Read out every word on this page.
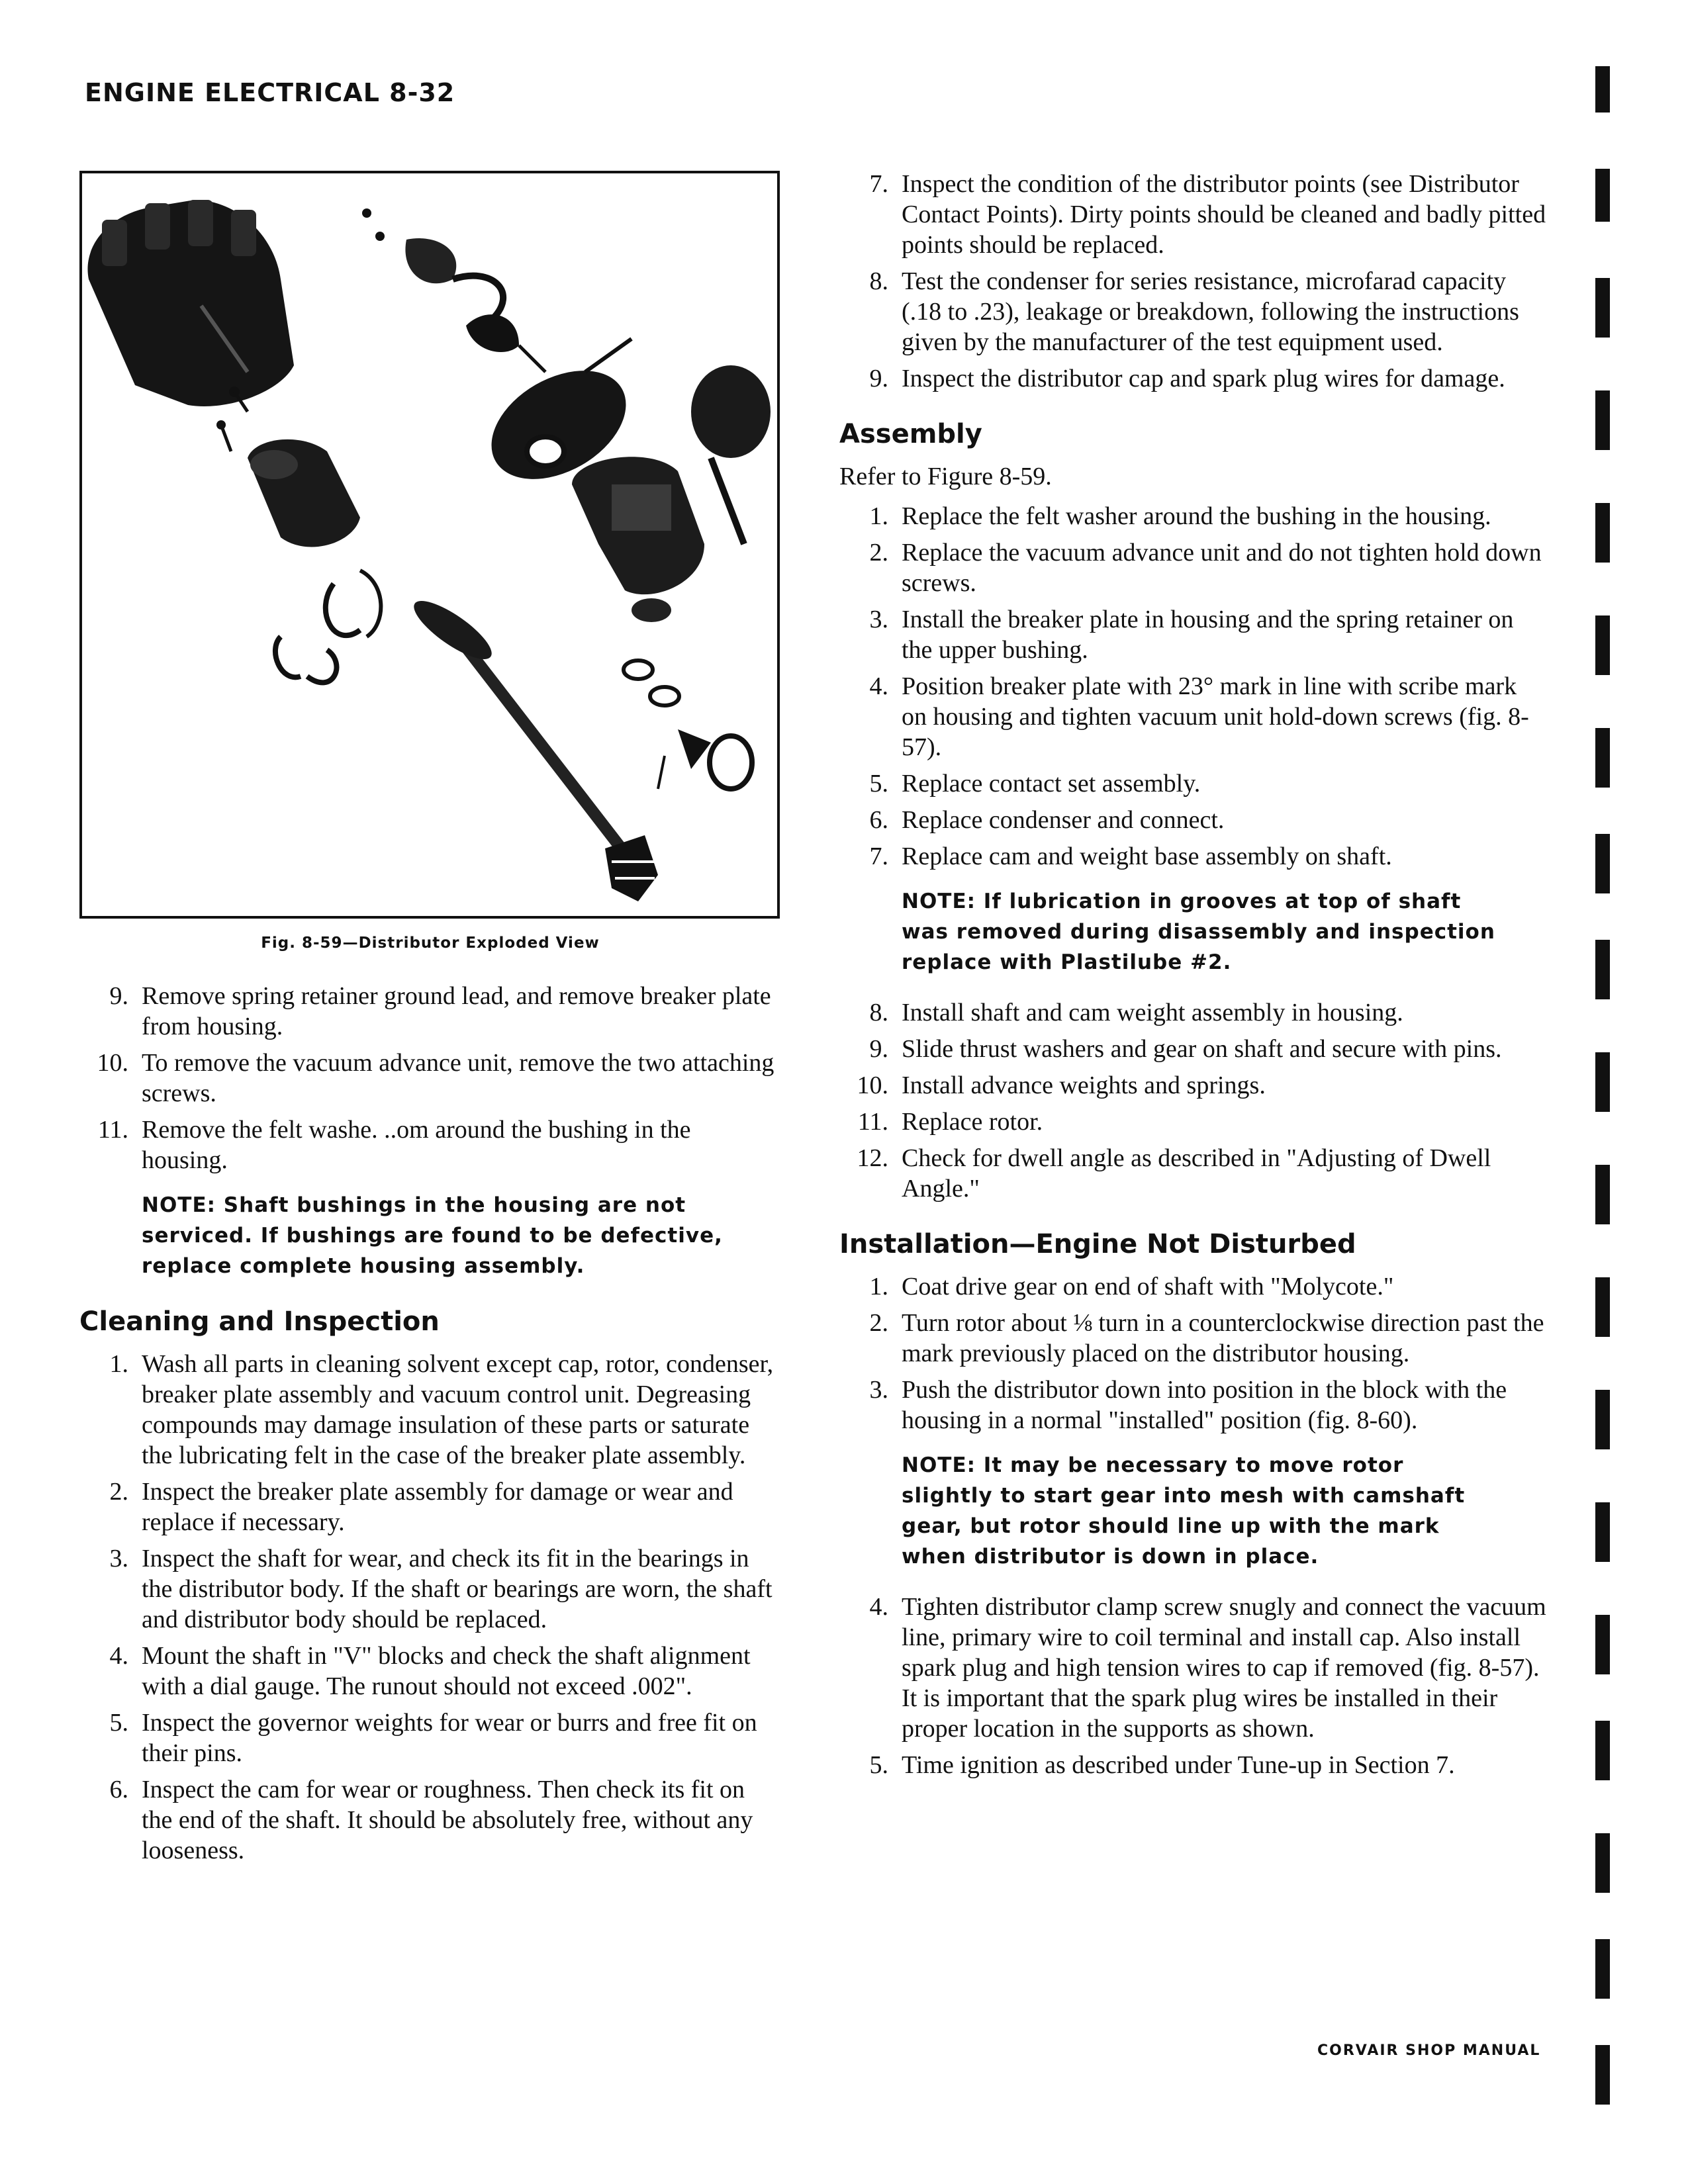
ENGINE ELECTRICAL 8-32
Fig. 8-59—Distributor Exploded View
9. Remove spring retainer ground lead, and remove breaker plate from housing.
10. To remove the vacuum advance unit, remove the two attaching screws.
11. Remove the felt washe. ..om around the bushing in the housing.
NOTE: Shaft bushings in the housing are not serviced. If bushings are found to be defective, replace complete housing assembly.
Cleaning and Inspection
1. Wash all parts in cleaning solvent except cap, rotor, condenser, breaker plate assembly and vacuum control unit. Degreasing compounds may damage insulation of these parts or saturate the lubricating felt in the case of the breaker plate assembly.
2. Inspect the breaker plate assembly for damage or wear and replace if necessary.
3. Inspect the shaft for wear, and check its fit in the bearings in the distributor body. If the shaft or bearings are worn, the shaft and distributor body should be replaced.
4. Mount the shaft in "V" blocks and check the shaft alignment with a dial gauge. The runout should not exceed .002".
5. Inspect the governor weights for wear or burrs and free fit on their pins.
6. Inspect the cam for wear or roughness. Then check its fit on the end of the shaft. It should be absolutely free, without any looseness.
7. Inspect the condition of the distributor points (see Distributor Contact Points). Dirty points should be cleaned and badly pitted points should be replaced.
8. Test the condenser for series resistance, microfarad capacity (.18 to .23), leakage or breakdown, following the instructions given by the manufacturer of the test equipment used.
9. Inspect the distributor cap and spark plug wires for damage.
Assembly

Refer to Figure 8-59.

1. Replace the felt washer around the bushing in the housing.
2. Replace the vacuum advance unit and do not tighten hold down screws.
3. Install the breaker plate in housing and the spring retainer on the upper bushing.
4. Position breaker plate with 23° mark in line with scribe mark on housing and tighten vacuum unit hold-down screws (fig. 8-57).
5. Replace contact set assembly.
6. Replace condenser and connect.
7. Replace cam and weight base assembly on shaft.
NOTE: If lubrication in grooves at top of shaft was removed during disassembly and inspection replace with Plastilube #2.
8. Install shaft and cam weight assembly in housing.
9. Slide thrust washers and gear on shaft and secure with pins.
10. Install advance weights and springs.
11. Replace rotor.
12. Check for dwell angle as described in "Adjusting of Dwell Angle."
Installation—Engine Not Disturbed
1. Coat drive gear on end of shaft with "Molycote."
2. Turn rotor about ⅛ turn in a counterclockwise direction past the mark previously placed on the distributor housing.
3. Push the distributor down into position in the block with the housing in a normal "installed" position (fig. 8-60).
NOTE: It may be necessary to move rotor slightly to start gear into mesh with camshaft gear, but rotor should line up with the mark when distributor is down in place.
4. Tighten distributor clamp screw snugly and connect the vacuum line, primary wire to coil terminal and install cap. Also install spark plug and high tension wires to cap if removed (fig. 8-57). It is important that the spark plug wires be installed in their proper location in the supports as shown.
5. Time ignition as described under Tune-up in Section 7.
CORVAIR SHOP MANUAL
